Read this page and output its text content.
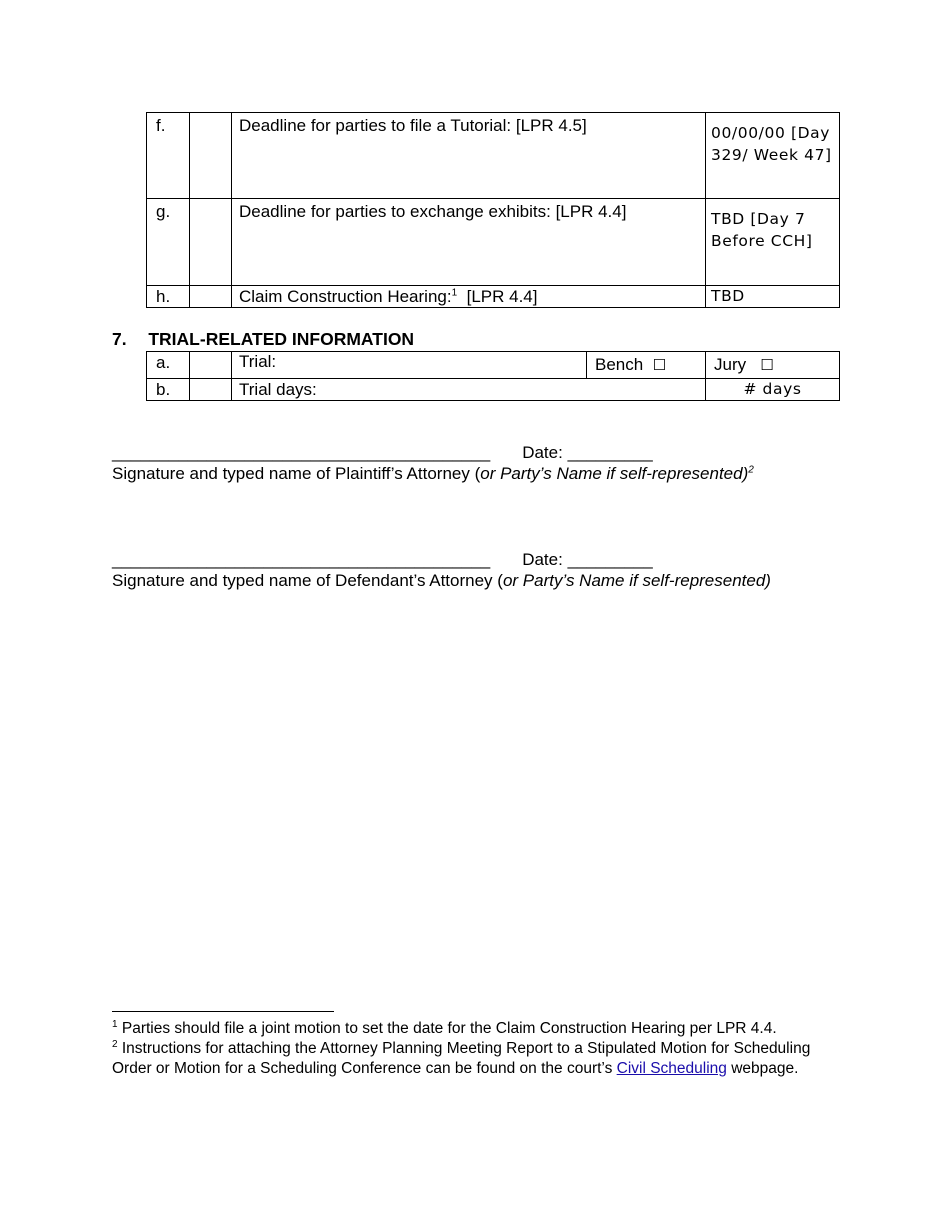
f.		Deadline for parties to file a Tutorial: [LPR 4.5]	00/00/00 [Day 329/ Week 47]
g.		Deadline for parties to exchange exhibits: [LPR 4.4]	TBD [Day 7 Before CCH]
h.		Claim Construction Hearing:$^1$  [LPR 4.4]	TBD
7. TRIAL-RELATED INFORMATION
a.		Trial:	Bench ☐	Jury ☐
b.		Trial days:		# days
________________________________________ Date: _________
Signature and typed name of Plaintiff’s Attorney (or Party’s Name if self-represented)$^2$
________________________________________ Date: _________
Signature and typed name of Defendant’s Attorney (or Party’s Name if self-represented)
$^1$ Parties should file a joint motion to set the date for the Claim Construction Hearing per LPR 4.4.
$^2$ Instructions for attaching the Attorney Planning Meeting Report to a Stipulated Motion for Scheduling Order or Motion for a Scheduling Conference can be found on the court’s Civil Scheduling webpage.
